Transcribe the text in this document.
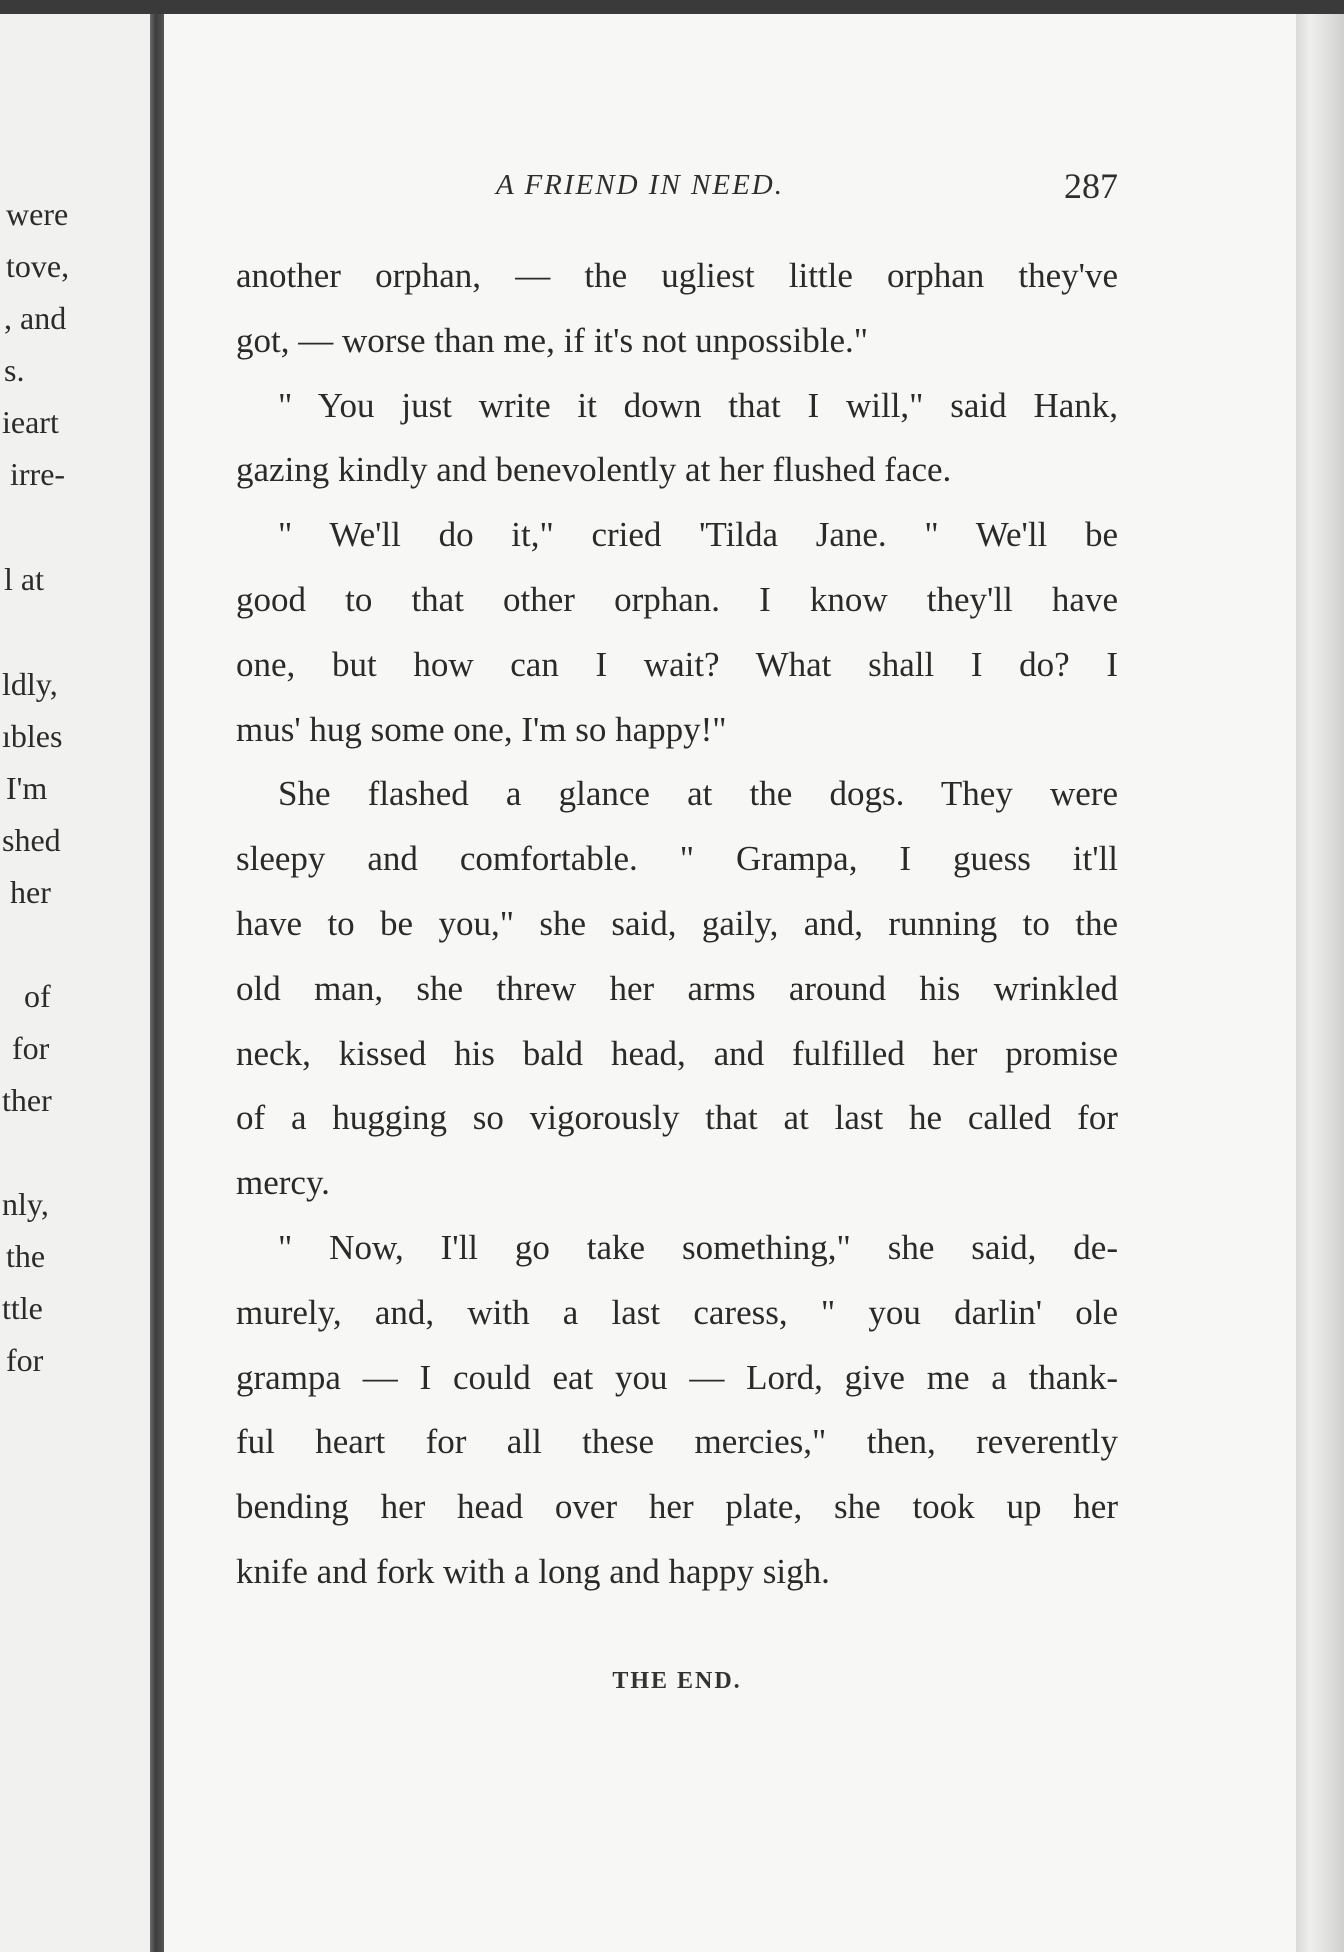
were
tove,
, and
s.
ieart
irre-
l at
ldly,
ıbles
I'm
shed
her
of
for
ther
nly,
the
ttle
for
A FRIEND IN NEED.	287
another orphan, — the ugliest little orphan they've
got, — worse than me, if it's not unpossible."
" You just write it down that I will," said Hank,
gazing kindly and benevolently at her flushed face.
" We'll do it," cried 'Tilda Jane. " We'll be
good to that other orphan. I know they'll have
one, but how can I wait? What shall I do? I
mus' hug some one, I'm so happy!"
She flashed a glance at the dogs. They were
sleepy and comfortable. " Grampa, I guess it'll
have to be you," she said, gaily, and, running to the
old man, she threw her arms around his wrinkled
neck, kissed his bald head, and fulfilled her promise
of a hugging so vigorously that at last he called for
mercy.
" Now, I'll go take something," she said, de-
murely, and, with a last caress, " you darlin' ole
grampa — I could eat you — Lord, give me a thank-
ful heart for all these mercies," then, reverently
bending her head over her plate, she took up her
knife and fork with a long and happy sigh.
THE END.
